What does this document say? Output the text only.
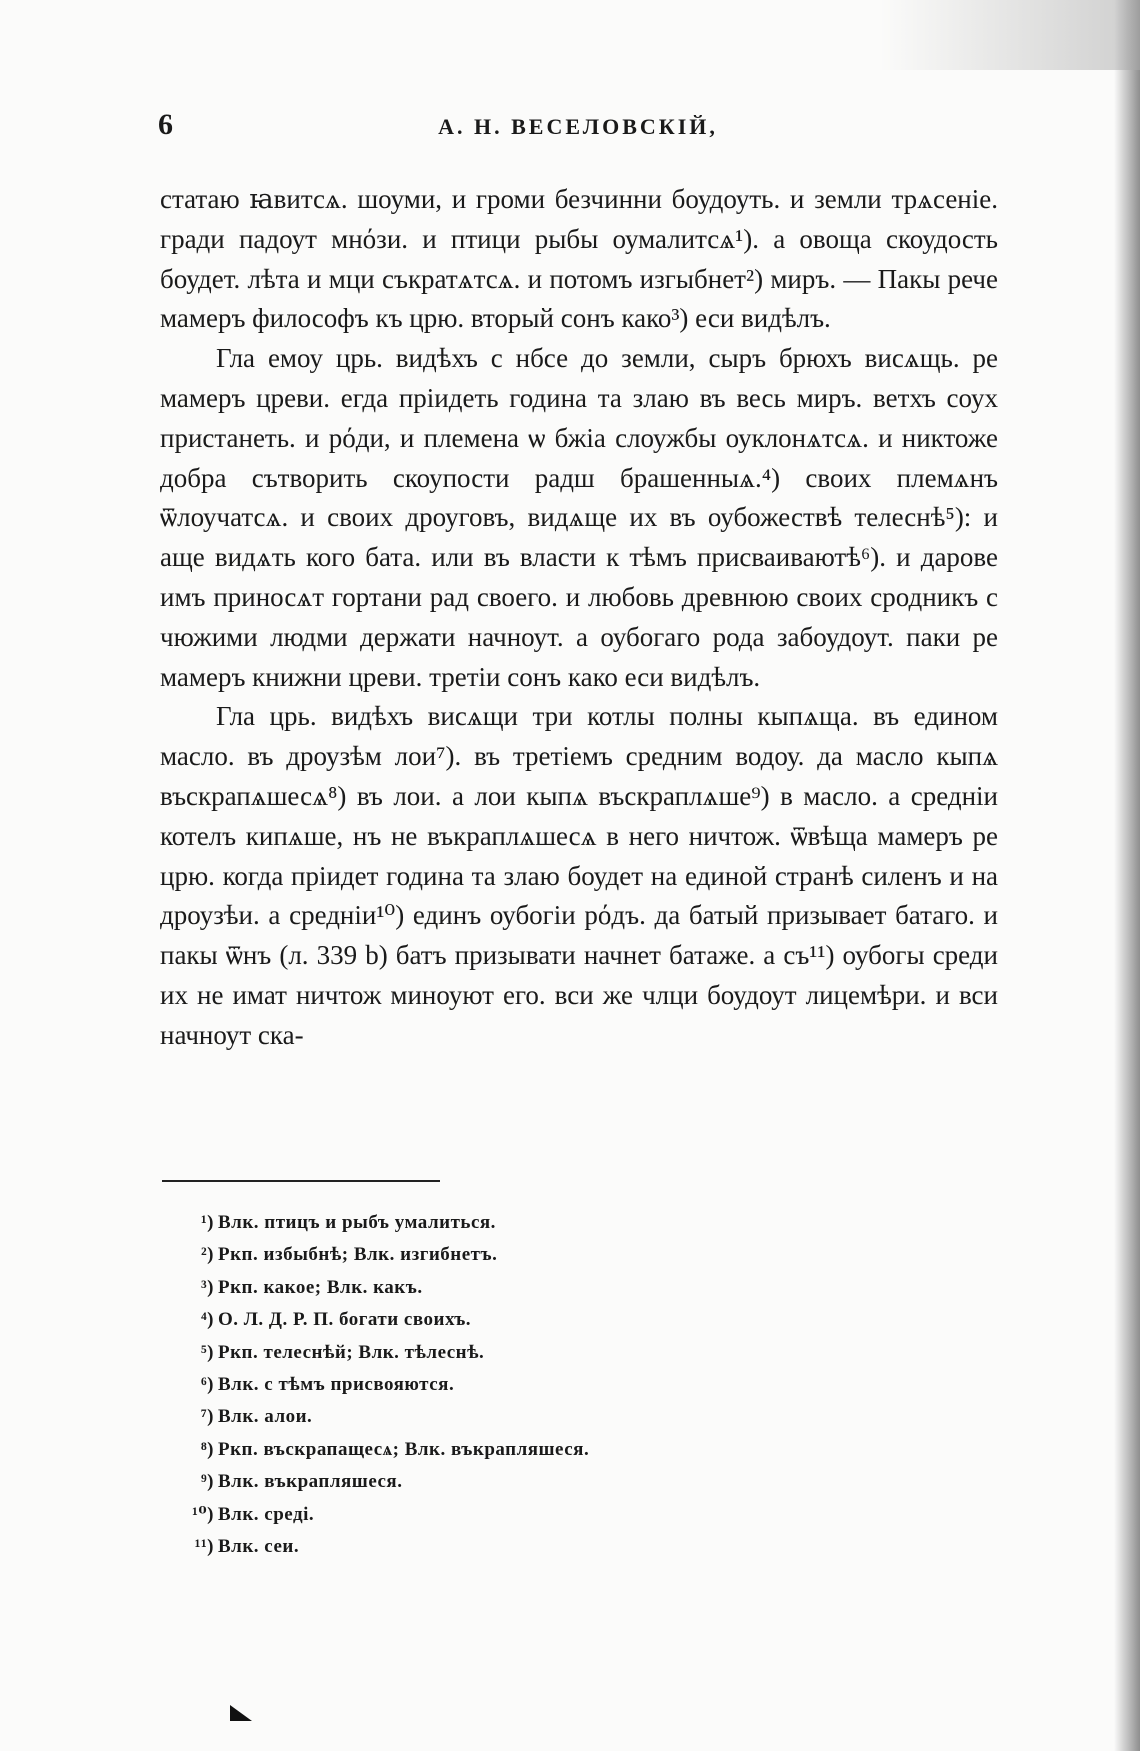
6	А. Н. ВЕСЕЛОВСКІЙ,

статаю ꙗвитсѧ. шоуми, и громи безчинни боудоуть. и земли трѧсеніе. гради падоут мнόзи. и птици рыбы оумалитсѧ¹). а овоща скоудость боудет. лѣта и мци съкратѧтсѧ. и потомъ изгыбнет²) миръ. — Пакы рече мамеръ философъ къ црю. вторый сонъ како³) еси видѣлъ.

Гла емоу црь. видѣхъ с нбсе до земли, сыръ брюхъ висѧщь. ре мамеръ цреви. егда пріидеть година та злаю въ весь миръ. ветхъ соух пристанеть. и рόди, и племена ѡ бжіа слоужбы оуклонѧтсѧ. и никтоже добра сътворить скоупости радш брашенныѧ.⁴) своих племѧнъ ѿлоучатсѧ. и своих дроуговъ, видѧще их въ оубожествѣ телеснѣ⁵): и аще видѧть кого бата. или въ власти к тѣмъ присваиваютѣ⁶). и дарове имъ приносѧт гортани рад своего. и любовь древнюю своих сродникъ с чюжими людми держати начноут. а оубогаго рода забоудоут. паки ре мамеръ книжни цреви. третіи сонъ како еси видѣлъ.

Гла црь. видѣхъ висѧщи три котлы полны кыпѧща. въ едином масло. въ дроузѣм лои⁷). въ третіемъ средним водоу. да масло кыпѧ въскрапѧшесѧ⁸) въ лои. а лои кыпѧ въскраплѧше⁹) в масло. а средніи котелъ кипѧше, нъ не въкраплѧшесѧ в него ничтож. ѿвѣща мамеръ ре црю. когда пріидет година та злаю боудет на единой странѣ силенъ и на дроузѣи. а средніи¹⁰) единъ оубогіи рόдъ. да батый призывает батаго. и пакы ѿнъ (л. 339 b) батъ призывати начнет батаже. а съ¹¹) оубогы среди их не имат ничтож миноуют его. вси же члци боудоут лицемѣри. и вси начноут ска-

¹) Влк. птицъ и рыбъ умалиться.
²) Ркп. избыбнѣ; Влк. изгибнетъ.
³) Ркп. какое; Влк. какъ.
⁴) О. Л. Д. Р. П. богати своихъ.
⁵) Ркп. телеснѣй; Влк. тѣлеснѣ.
⁶) Влк. с тѣмъ присвояются.
⁷) Влк. алои.
⁸) Ркп. въскрапащесѧ; Влк. въкрапляшеся.
⁹) Влк. въкрапляшеся.
¹⁰) Влк. среді.
¹¹) Влк. сеи.
